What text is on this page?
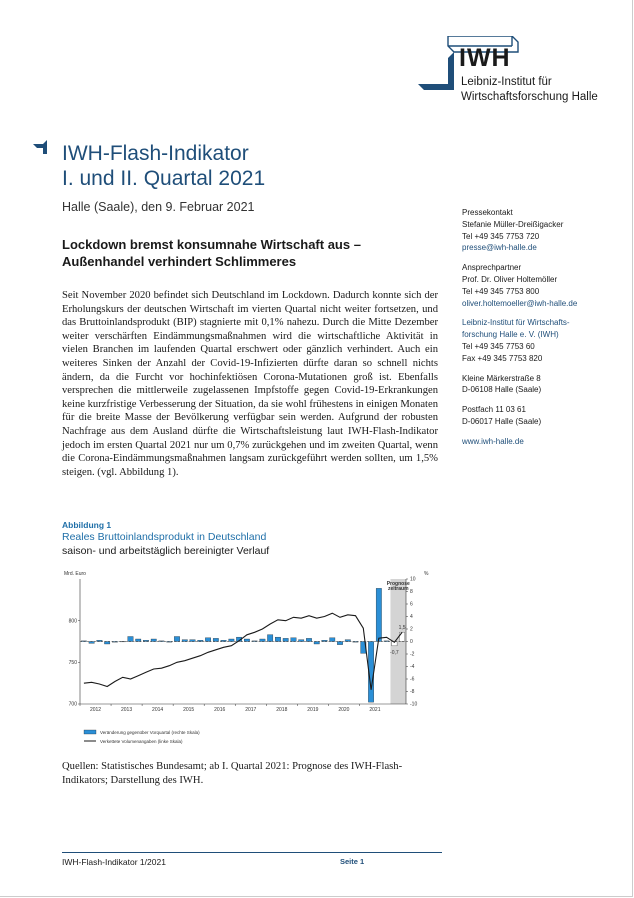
IWH
Leibniz-Institut für
Wirtschaftsforschung Halle
IWH-Flash-Indikator
I. und II. Quartal 2021
Halle (Saale), den 9. Februar 2021
Lockdown bremst konsumnahe Wirtschaft aus –
Außenhandel verhindert Schlimmeres
Seit November 2020 befindet sich Deutschland im Lockdown. Dadurch konnte sich der Erholungskurs der deutschen Wirtschaft im vierten Quartal nicht weiter fortsetzen, und das Bruttoinlandsprodukt (BIP) stagnierte mit 0,1% nahezu. Durch die Mitte Dezember weiter verschärften Eindämmungsmaßnahmen wird die wirtschaftliche Aktivität in vielen Branchen im laufenden Quartal erschwert oder gänzlich verhindert. Auch ein weiteres Sinken der Anzahl der Covid-19-Infizierten dürfte daran so schnell nichts ändern, da die Furcht vor hochinfektiösen Corona-Mutationen groß ist. Ebenfalls versprechen die mittlerweile zugelassenen Impfstoffe gegen Covid-19-Erkrankungen keine kurzfristige Verbesserung der Situation, da sie wohl frühestens in einigen Monaten für die breite Masse der Bevölkerung verfügbar sein werden. Aufgrund der robusten Nachfrage aus dem Ausland dürfte die Wirtschaftsleistung laut IWH-Flash-Indikator jedoch im ersten Quartal 2021 nur um 0,7% zurückgehen und im zweiten Quartal, wenn die Corona-Eindämmungsmaßnahmen langsam zurückgeführt werden sollten, um 1,5% steigen. (vgl. Abbildung 1).
Pressekontakt
Stefanie Müller-Dreißigacker
Tel +49 345 7753 720
presse@iwh-halle.de
Ansprechpartner
Prof. Dr. Oliver Holtemöller
Tel +49 345 7753 800
oliver.holtemoeller@iwh-halle.de
Leibniz-Institut für Wirtschafts-
forschung Halle e. V. (IWH)
Tel +49 345 7753 60
Fax +49 345 7753 820
Kleine Märkerstraße 8
D-06108 Halle (Saale)
Postfach 11 03 61
D-06017 Halle (Saale)
www.iwh-halle.de
Abbildung 1
Reales Bruttoinlandsprodukt in Deutschland
saison- und arbeitstäglich bereinigter Verlauf
700
750
800
10
8
6
4
2
0
-2
-4
-6
-8
-10
2012	2013	2014	2015	2016	2017	2018	2019	2020	2021
Mrd. Euro	%
Prognose
zeitraum
-0,7
1,5
Veränderung gegenüber Vorquartal (rechte Skala)
Verkettete Volumenangaben (linke Skala)
Quellen: Statistisches Bundesamt; ab I. Quartal 2021: Prognose des IWH-Flash-Indikators; Darstellung des IWH.
IWH-Flash-Indikator 1/2021	Seite 1
